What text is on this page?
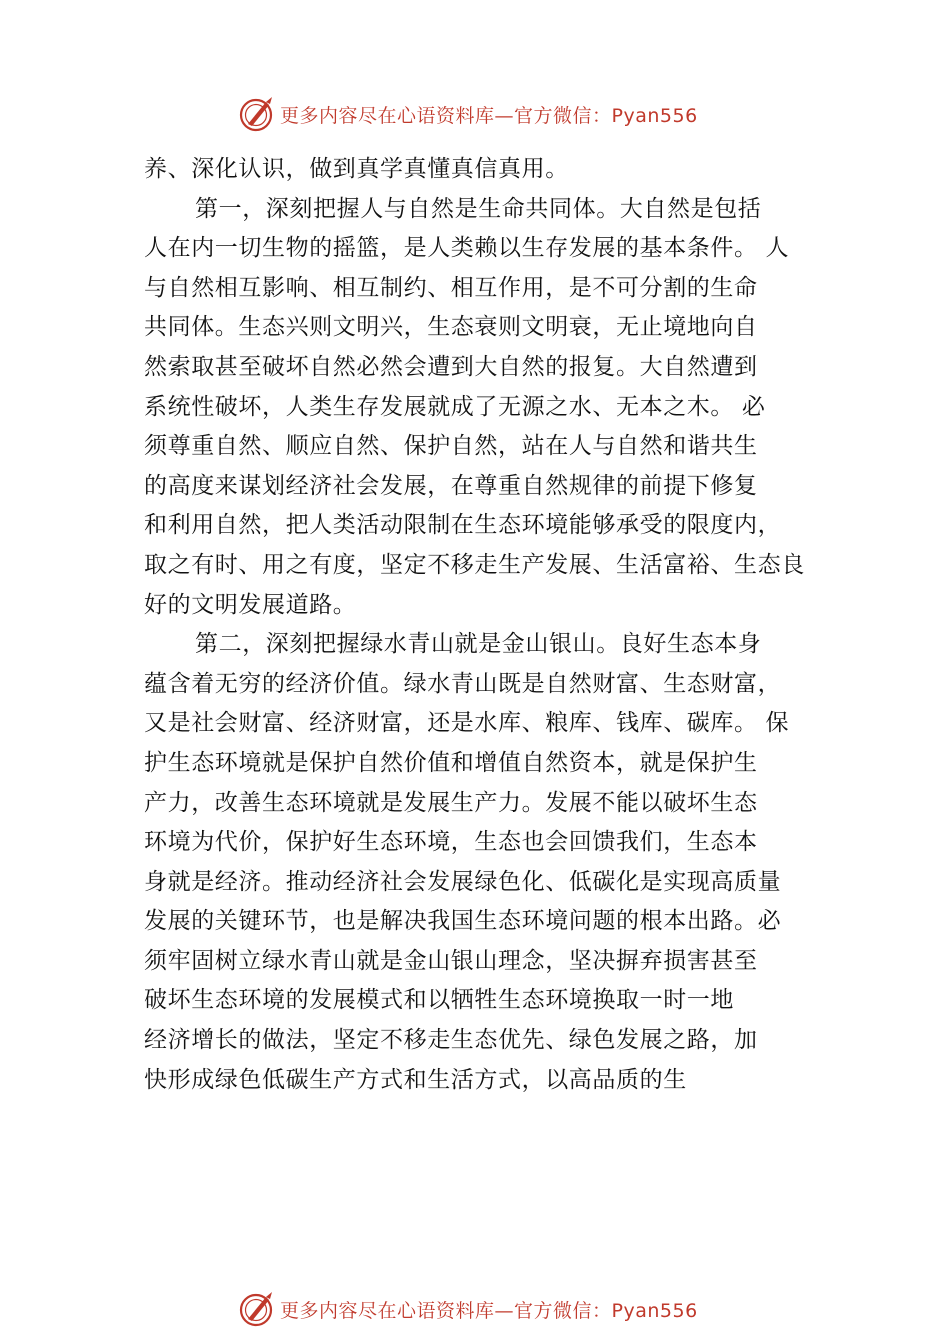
更多内容尽在心语资料库—官方微信：Pyan556
养、深化认识，做到真学真懂真信真用。
第一，深刻把握人与自然是生命共同体。大自然是包括
人在内一切生物的摇篮，是人类赖以生存发展的基本条件。 人
与自然相互影响、相互制约、相互作用，是不可分割的生命
共同体。生态兴则文明兴，生态衰则文明衰，无止境地向自
然索取甚至破坏自然必然会遭到大自然的报复。大自然遭到
系统性破坏，人类生存发展就成了无源之水、无本之木。 必
须尊重自然、顺应自然、保护自然，站在人与自然和谐共生
的高度来谋划经济社会发展，在尊重自然规律的前提下修复
和利用自然，把人类活动限制在生态环境能够承受的限度内，
取之有时、用之有度，坚定不移走生产发展、生活富裕、生态良
好的文明发展道路。
第二，深刻把握绿水青山就是金山银山。良好生态本身
蕴含着无穷的经济价值。绿水青山既是自然财富、生态财富，
又是社会财富、经济财富，还是水库、粮库、钱库、碳库。 保
护生态环境就是保护自然价值和增值自然资本，就是保护生
产力，改善生态环境就是发展生产力。发展不能以破坏生态
环境为代价，保护好生态环境，生态也会回馈我们，生态本
身就是经济。推动经济社会发展绿色化、低碳化是实现高质量
发展的关键环节，也是解决我国生态环境问题的根本出路。必
须牢固树立绿水青山就是金山银山理念，坚决摒弃损害甚至
破坏生态环境的发展模式和以牺牲生态环境换取一时一地
经济增长的做法，坚定不移走生态优先、绿色发展之路，加
快形成绿色低碳生产方式和生活方式，以高品质的生
更多内容尽在心语资料库—官方微信：Pyan556
